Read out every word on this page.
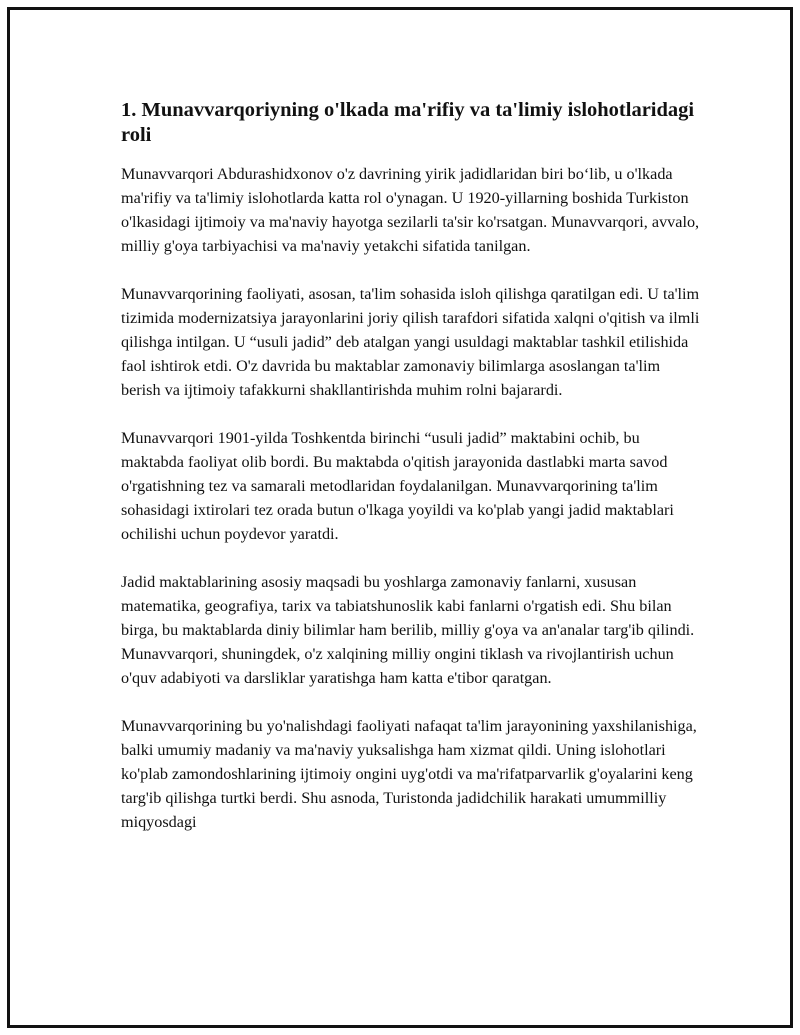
1. Munavvarqoriyning o'lkada ma'rifiy va ta'limiy islohotlaridagi roli

Munavvarqori Abdurashidxonov o'z davrining yirik jadidlaridan biri bo‘lib, u o'lkada ma'rifiy va ta'limiy islohotlarda katta rol o'ynagan. U 1920-yillarning boshida Turkiston o'lkasidagi ijtimoiy va ma'naviy hayotga sezilarli ta'sir ko'rsatgan. Munavvarqori, avvalo, milliy g'oya tarbiyachisi va ma'naviy yetakchi sifatida tanilgan.

Munavvarqorining faoliyati, asosan, ta'lim sohasida isloh qilishga qaratilgan edi. U ta'lim tizimida modernizatsiya jarayonlarini joriy qilish tarafdori sifatida xalqni o'qitish va ilmli qilishga intilgan. U “usuli jadid” deb atalgan yangi usuldagi maktablar tashkil etilishida faol ishtirok etdi. O'z davrida bu maktablar zamonaviy bilimlarga asoslangan ta'lim berish va ijtimoiy tafakkurni shakllantirishda muhim rolni bajarardi.

Munavvarqori 1901-yilda Toshkentda birinchi “usuli jadid” maktabini ochib, bu maktabda faoliyat olib bordi. Bu maktabda o'qitish jarayonida dastlabki marta savod o'rgatishning tez va samarali metodlaridan foydalanilgan. Munavvarqorining ta'lim sohasidagi ixtirolari tez orada butun o'lkaga yoyildi va ko'plab yangi jadid maktablari ochilishi uchun poydevor yaratdi.

Jadid maktablarining asosiy maqsadi bu yoshlarga zamonaviy fanlarni, xususan matematika, geografiya, tarix va tabiatshunoslik kabi fanlarni o'rgatish edi. Shu bilan birga, bu maktablarda diniy bilimlar ham berilib, milliy g'oya va an'analar targ'ib qilindi. Munavvarqori, shuningdek, o'z xalqining milliy ongini tiklash va rivojlantirish uchun o'quv adabiyoti va darsliklar yaratishga ham katta e'tibor qaratgan.

Munavvarqorining bu yo'nalishdagi faoliyati nafaqat ta'lim jarayonining yaxshilanishiga, balki umumiy madaniy va ma'naviy yuksalishga ham xizmat qildi. Uning islohotlari ko'plab zamondoshlarining ijtimoiy ongini uyg'otdi va ma'rifatparvarlik g'oyalarini keng targ'ib qilishga turtki berdi. Shu asnoda, Turistonda jadidchilik harakati umummilliy miqyosdagi
